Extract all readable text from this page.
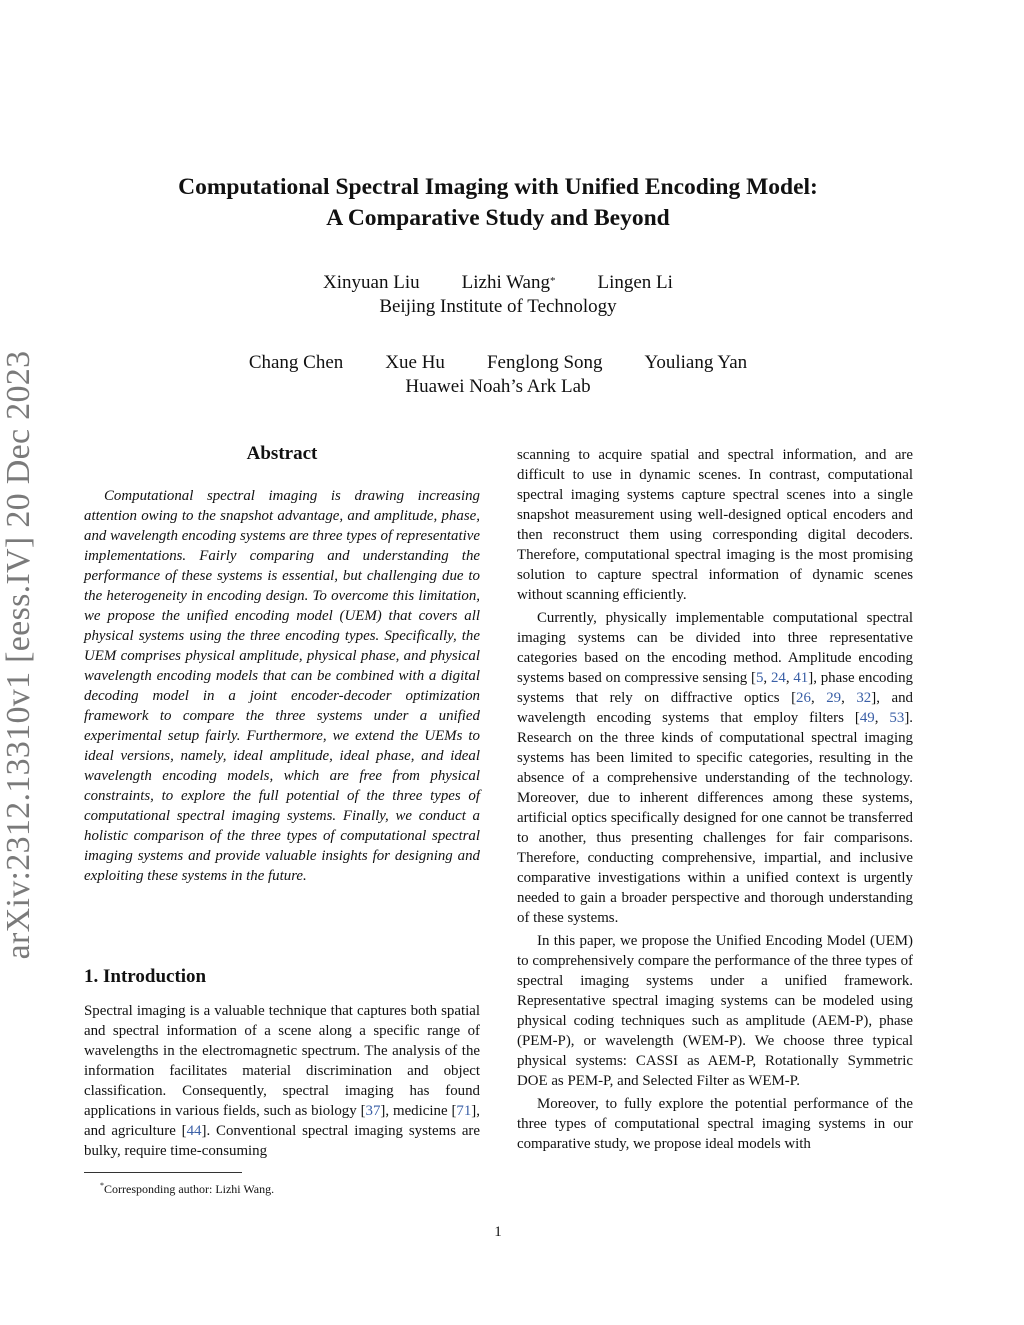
arXiv:2312.13310v1 [eess.IV] 20 Dec 2023
Computational Spectral Imaging with Unified Encoding Model:
A Comparative Study and Beyond
Xinyuan Liu Lizhi Wang* Lingen Li
Beijing Institute of Technology
Chang Chen Xue Hu Fenglong Song Youliang Yan
Huawei Noah’s Ark Lab
Abstract
Computational spectral imaging is drawing increasing attention owing to the snapshot advantage, and amplitude, phase, and wavelength encoding systems are three types of representative implementations. Fairly comparing and understanding the performance of these systems is essential, but challenging due to the heterogeneity in encoding design. To overcome this limitation, we propose the unified encoding model (UEM) that covers all physical systems using the three encoding types. Specifically, the UEM comprises physical amplitude, physical phase, and physical wavelength encoding models that can be combined with a digital decoding model in a joint encoder-decoder optimization framework to compare the three systems under a unified experimental setup fairly. Furthermore, we extend the UEMs to ideal versions, namely, ideal amplitude, ideal phase, and ideal wavelength encoding models, which are free from physical constraints, to explore the full potential of the three types of computational spectral imaging systems. Finally, we conduct a holistic comparison of the three types of computational spectral imaging systems and provide valuable insights for designing and exploiting these systems in the future.
1. Introduction
Spectral imaging is a valuable technique that captures both spatial and spectral information of a scene along a specific range of wavelengths in the electromagnetic spectrum. The analysis of the information facilitates material discrimination and object classification. Consequently, spectral imaging has found applications in various fields, such as biology [37], medicine [71], and agriculture [44]. Conventional spectral imaging systems are bulky, require time-consuming

scanning to acquire spatial and spectral information, and are difficult to use in dynamic scenes. In contrast, computational spectral imaging systems capture spectral scenes into a single snapshot measurement using well-designed optical encoders and then reconstruct them using corresponding digital decoders. Therefore, computational spectral imaging is the most promising solution to capture spectral information of dynamic scenes without scanning efficiently.

Currently, physically implementable computational spectral imaging systems can be divided into three representative categories based on the encoding method. Amplitude encoding systems based on compressive sensing [5, 24, 41], phase encoding systems that rely on diffractive optics [26, 29, 32], and wavelength encoding systems that employ filters [49, 53]. Research on the three kinds of computational spectral imaging systems has been limited to specific categories, resulting in the absence of a comprehensive understanding of the technology. Moreover, due to inherent differences among these systems, artificial optics specifically designed for one cannot be transferred to another, thus presenting challenges for fair comparisons. Therefore, conducting comprehensive, impartial, and inclusive comparative investigations within a unified context is urgently needed to gain a broader perspective and thorough understanding of these systems.

In this paper, we propose the Unified Encoding Model (UEM) to comprehensively compare the performance of the three types of spectral imaging systems under a unified framework. Representative spectral imaging systems can be modeled using physical coding techniques such as amplitude (AEM-P), phase (PEM-P), or wavelength (WEM-P). We choose three typical physical systems: CASSI as AEM-P, Rotationally Symmetric DOE as PEM-P, and Selected Filter as WEM-P.

Moreover, to fully explore the potential performance of the three types of computational spectral imaging systems in our comparative study, we propose ideal models with

*Corresponding author: Lizhi Wang.
1
